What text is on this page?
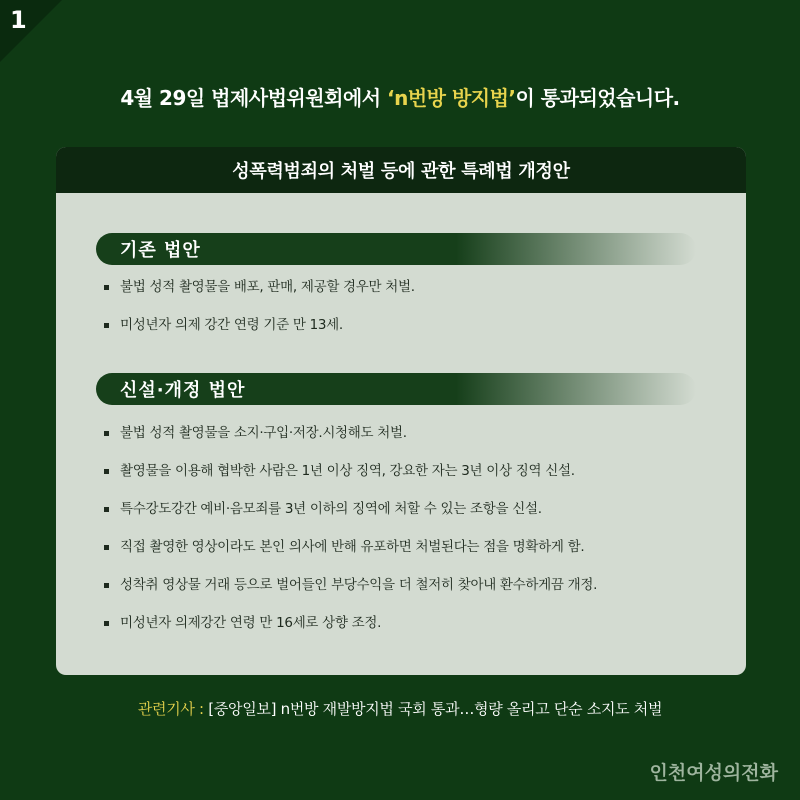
1
4월 29일 법제사법위원회에서 ‘n번방 방지법’이 통과되었습니다.
성폭력범죄의 처벌 등에 관한 특례법 개정안
기존 법안
불법 성적 촬영물을 배포, 판매, 제공할 경우만 처벌.
미성년자 의제 강간 연령 기준 만 13세.
신설·개정 법안
불법 성적 촬영물을 소지·구입·저장.시청해도 처벌.
촬영물을 이용해 협박한 사람은 1년 이상 징역, 강요한 자는 3년 이상 징역 신설.
특수강도강간 예비·음모죄를 3년 이하의 징역에 처할 수 있는 조항을 신설.
직접 촬영한 영상이라도 본인 의사에 반해 유포하면 처벌된다는 점을 명확하게 함.
성착취 영상물 거래 등으로 벌어들인 부당수익을 더 철저히 찾아내 환수하게끔 개정.
미성년자 의제강간 연령 만 16세로 상향 조정.
관련기사 : [중앙일보] n번방 재발방지법 국회 통과…형량 올리고 단순 소지도 처벌
인천여성의전화
